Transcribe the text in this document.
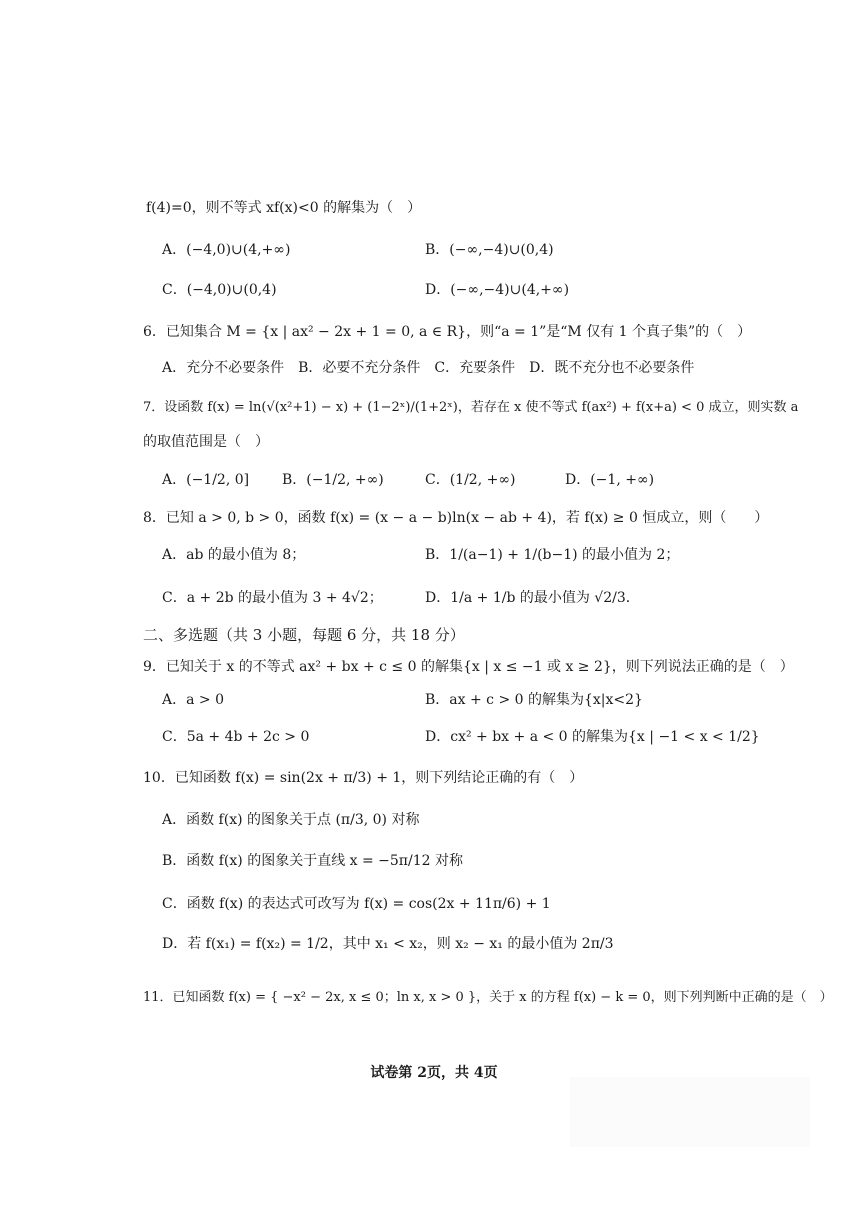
f(4)=0，则不等式 xf(x)<0 的解集为（　）
A．(−4,0)∪(4,+∞)	B．(−∞,−4)∪(0,4)
C．(−4,0)∪(0,4)	D．(−∞,−4)∪(4,+∞)
6．已知集合 M = {x | ax² − 2x + 1 = 0, a ∈ R}，则“a = 1”是“M 仅有 1 个真子集”的（　）
A．充分不必要条件　B．必要不充分条件　C．充要条件　D．既不充分也不必要条件
7．设函数 f(x) = ln(√(x²+1) − x) + (1−2ˣ)/(1+2ˣ)，若存在 x 使不等式 f(ax²) + f(x+a) < 0 成立，则实数 a
的取值范围是（　）
A．(−1/2, 0] B．(−1/2, +∞)	C．(1/2, +∞)	D．(−1, +∞)
8．已知 a > 0, b > 0，函数 f(x) = (x − a − b)ln(x − ab + 4)，若 f(x) ≥ 0 恒成立，则（　　）
A．ab 的最小值为 8；	B．1/(a−1) + 1/(b−1) 的最小值为 2；
C．a + 2b 的最小值为 3 + 4√2；	D．1/a + 1/b 的最小值为 √2/3．
二、多选题（共 3 小题，每题 6 分，共 18 分）
9．已知关于 x 的不等式 ax² + bx + c ≤ 0 的解集{x | x ≤ −1 或 x ≥ 2}，则下列说法正确的是（　）
A．a > 0	B．ax + c > 0 的解集为{x|x<2}
C．5a + 4b + 2c > 0	D．cx² + bx + a < 0 的解集为{x | −1 < x < 1/2}
10．已知函数 f(x) = sin(2x + π/3) + 1，则下列结论正确的有（　）
A．函数 f(x) 的图象关于点 (π/3, 0) 对称
B．函数 f(x) 的图象关于直线 x = −5π/12 对称
C．函数 f(x) 的表达式可改写为 f(x) = cos(2x + 11π/6) + 1
D．若 f(x₁) = f(x₂) = 1/2，其中 x₁ < x₂，则 x₂ − x₁ 的最小值为 2π/3
11．已知函数 f(x) = { −x² − 2x, x ≤ 0；ln x, x > 0 }，关于 x 的方程 f(x) − k = 0，则下列判断中正确的是（　）
试卷第 2页，共 4页
